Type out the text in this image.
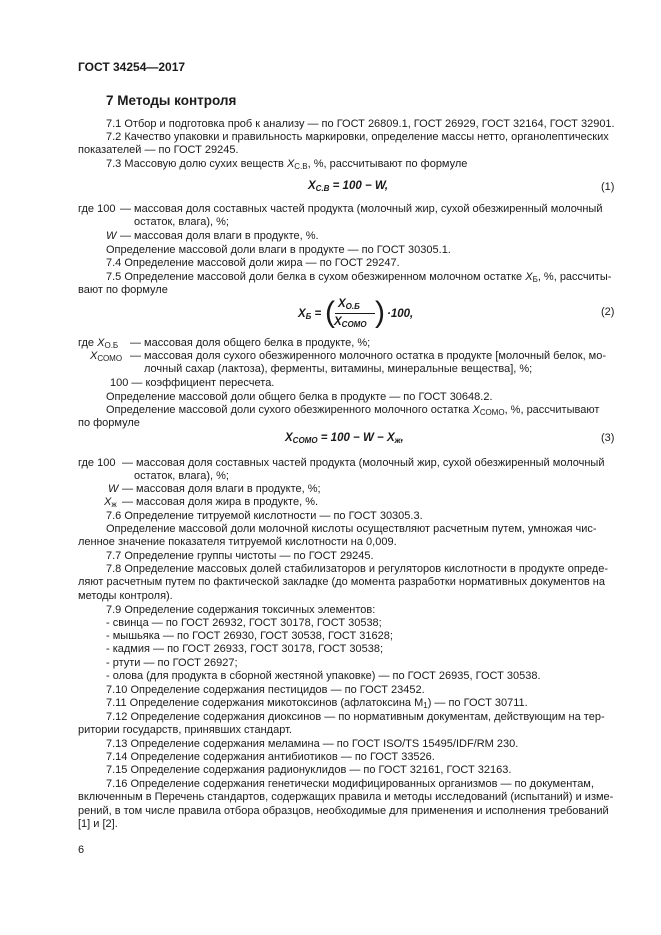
ГОСТ 34254—2017
7 Методы контроля
7.1 Отбор и подготовка проб к анализу — по ГОСТ 26809.1, ГОСТ 26929, ГОСТ 32164, ГОСТ 32901.
7.2 Качество упаковки и правильность маркировки, определение массы нетто, органолептических
показателей — по ГОСТ 29245.
7.3 Массовую долю сухих веществ $X_{С.В}$, %, рассчитывают по формуле
$X_{С.В} = 100 - W$,	(1)
где 100 — массовая доля составных частей продукта (молочный жир, сухой обезжиренный молочный
остаток, влага), %;
W — массовая доля влаги в продукте, %.
Определение массовой доли влаги в продукте — по ГОСТ 30305.1.
7.4 Определение массовой доли жира — по ГОСТ 29247.
7.5 Определение массовой доли белка в сухом обезжиренном молочном остатке $X_Б$, %, рассчиты-
вают по формуле
$X_Б$ = ( $X_{О.Б}$
$X_{СОМО}$ ) ·100,	(2)
где $X_{О.Б}$ — массовая доля общего белка в продукте, %;
$X_{СОМО}$ — массовая доля сухого обезжиренного молочного остатка в продукте [молочный белок, мо-
лочный сахар (лактоза), ферменты, витамины, минеральные вещества], %;
100 — коэффициент пересчета.
Определение массовой доли общего белка в продукте — по ГОСТ 30648.2.
Определение массовой доли сухого обезжиренного молочного остатка $X_{СОМО}$, %, рассчитывают
по формуле
$X_{СОМО} = 100 - W - X_ж$,	(3)
где 100 — массовая доля составных частей продукта (молочный жир, сухой обезжиренный молочный
остаток, влага), %;
W — массовая доля влаги в продукте, %;
$X_ж$ — массовая доля жира в продукте, %.
7.6 Определение титруемой кислотности — по ГОСТ 30305.3.
Определение массовой доли молочной кислоты осуществляют расчетным путем, умножая чис-
ленное значение показателя титруемой кислотности на 0,009.
7.7 Определение группы чистоты — по ГОСТ 29245.
7.8 Определение массовых долей стабилизаторов и регуляторов кислотности в продукте опреде-
ляют расчетным путем по фактической закладке (до момента разработки нормативных документов на
методы контроля).
7.9 Определение содержания токсичных элементов:
- свинца — по ГОСТ 26932, ГОСТ 30178, ГОСТ 30538;
- мышьяка — по ГОСТ 26930, ГОСТ 30538, ГОСТ 31628;
- кадмия — по ГОСТ 26933, ГОСТ 30178, ГОСТ 30538;
- ртути — по ГОСТ 26927;
- олова (для продукта в сборной жестяной упаковке) — по ГОСТ 26935, ГОСТ 30538.
7.10 Определение содержания пестицидов — по ГОСТ 23452.
7.11 Определение содержания микотоксинов (афлатоксина $M_1$) — по ГОСТ 30711.
7.12 Определение содержания диоксинов — по нормативным документам, действующим на тер-
ритории государств, принявших стандарт.
7.13 Определение содержания меламина — по ГОСТ ISO/TS 15495/IDF/RM 230.
7.14 Определение содержания антибиотиков — по ГОСТ 33526.
7.15 Определение содержания радионуклидов — по ГОСТ 32161, ГОСТ 32163.
7.16 Определение содержания генетически модифицированных организмов — по документам,
включенным в Перечень стандартов, содержащих правила и методы исследований (испытаний) и изме-
рений, в том числе правила отбора образцов, необходимые для применения и исполнения требований
[1] и [2].
6
